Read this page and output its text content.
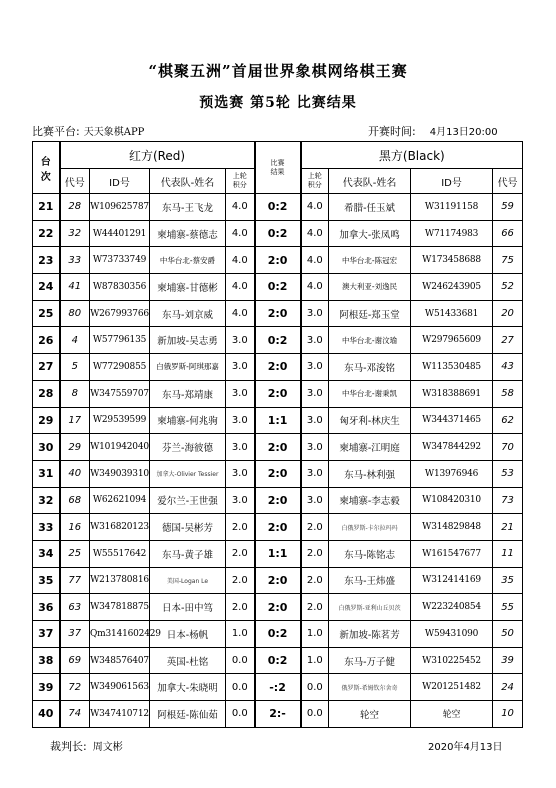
“棋聚五洲”首届世界象棋网络棋王赛
预选赛 第5轮 比赛结果
比赛平台: 天天象棋APP	开赛时间: 4月13日20:00
台次	红方(Red)				比赛结果	黑方(Black)			
	代号	ID号	代表队-姓名	上轮积分		上轮积分	代表队-姓名	ID号	代号
21	28	W109625787	东马-王飞龙	4.0	0:2	4.0	希腊-任玉斌	W31191158	59
22	32	W44401291	柬埔寨-蔡德志	4.0	0:2	4.0	加拿大-张凤鸣	W71174983	66
23	33	W73733749	中华台北-蔡安爵	4.0	2:0	4.0	中华台北-陈冠宏	W173458688	75
24	41	W87830356	柬埔寨-甘德彬	4.0	0:2	4.0	澳大利亚-刘逸民	W246243905	52
25	80	W267993766	东马-刘京威	4.0	2:0	3.0	阿根廷-郑玉堂	W51433681	20
26	4	W57796135	新加坡-吴志勇	3.0	0:2	3.0	中华台北-谢汶瑜	W297965609	27
27	5	W77290855	白俄罗斯-阿琪那嘉	3.0	2:0	3.0	东马-邓浚铭	W113530485	43
28	8	W347559707	东马-郑靖康	3.0	2:0	3.0	中华台北-谢秉凯	W318388691	58
29	17	W29539599	柬埔寨-何兆驹	3.0	1:1	3.0	匈牙利-林庆生	W344371465	62
30	29	W101942040	芬兰-海彼德	3.0	2:0	3.0	柬埔寨-江明庭	W347844292	70
31	40	W349039310	加拿大-Olivier Tessier	3.0	2:0	3.0	东马-林利强	W13976946	53
32	68	W62621094	爱尔兰-王世强	3.0	2:0	3.0	柬埔寨-李志毅	W108420310	73
33	16	W316820123	德国-吴彬芳	2.0	2:0	2.0	白俄罗斯-卡尔拉玛玛	W314829848	21
34	25	W55517642	东马-黄子雄	2.0	1:1	2.0	东马-陈铭志	W161547677	11
35	77	W213780816	美国-Logan Le	2.0	2:0	2.0	东马-王炜盛	W312414169	35
36	63	W347818875	日本-田中笃	2.0	2:0	2.0	白俄罗斯-亚利山丘贝茨	W223240854	55
37	37	Qm3141602429	日本-杨帆	1.0	0:2	1.0	新加坡-陈茗芳	W59431090	50
38	69	W348576407	英国-杜铭	0.0	0:2	1.0	东马-万子健	W310225452	39
39	72	W349061563	加拿大-朱晓明	0.0	-:2	0.0	俄罗斯-希姆钦尔舍奇	W201251482	24
40	74	W347410712	阿根廷-陈仙茹	0.0	2:-	0.0	轮空	轮空	10
裁判长: 周文彬	2020年4月13日
